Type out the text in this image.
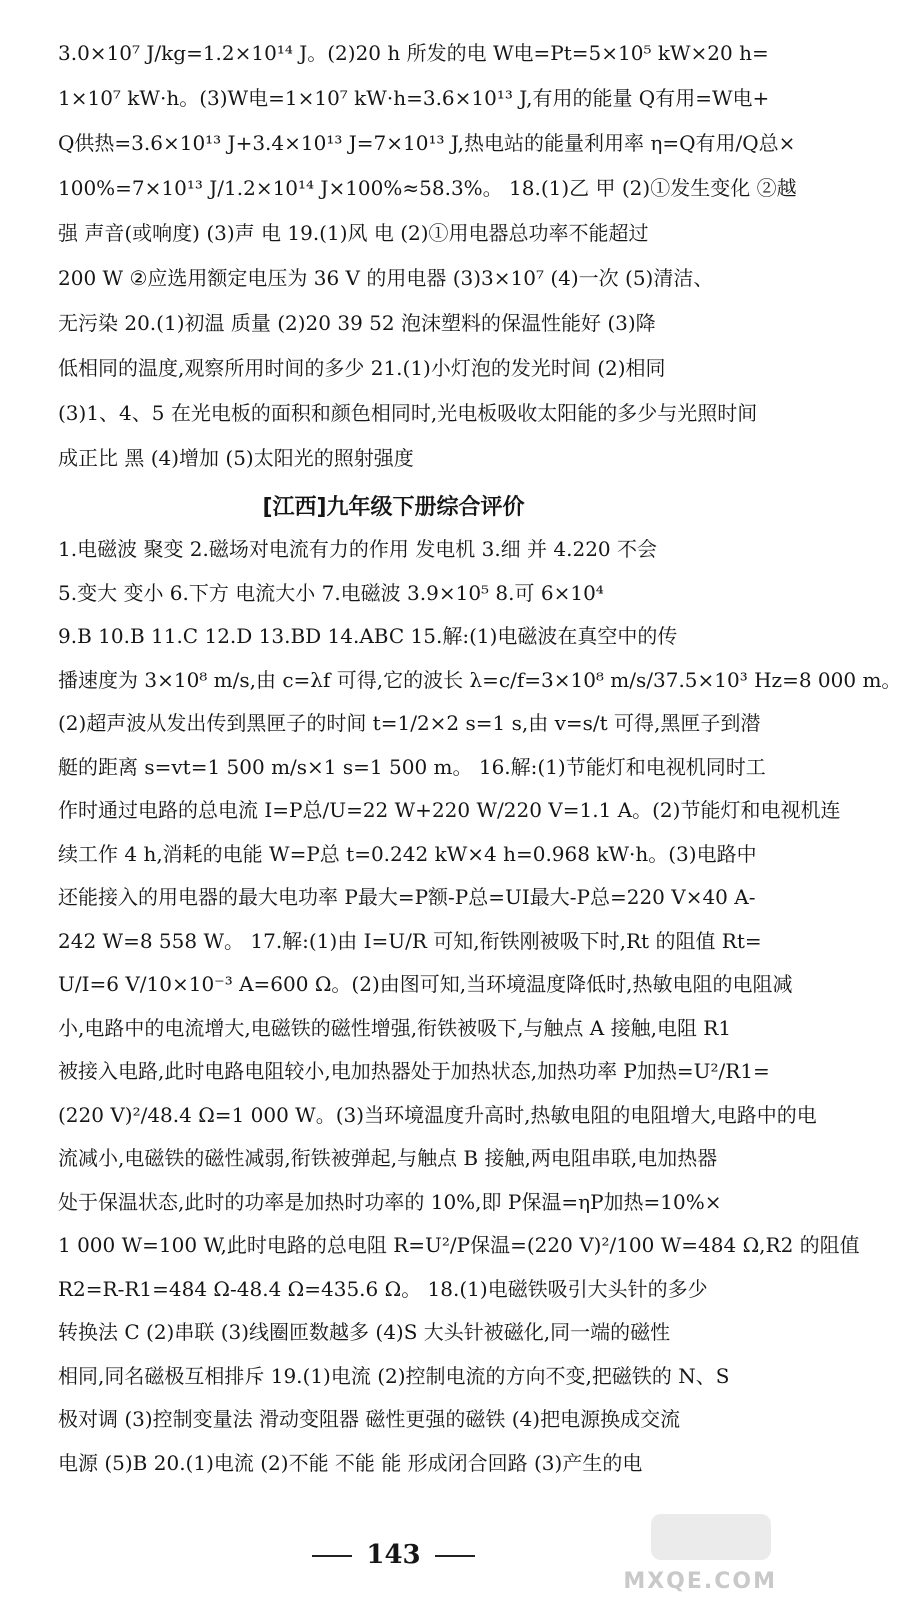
3.0×10⁷ J/kg=1.2×10¹⁴ J。(2)20 h 所发的电 W电=Pt=5×10⁵ kW×20 h=
1×10⁷ kW·h。(3)W电=1×10⁷ kW·h=3.6×10¹³ J,有用的能量 Q有用=W电+
Q供热=3.6×10¹³ J+3.4×10¹³ J=7×10¹³ J,热电站的能量利用率 η=Q有用/Q总×
100%=7×10¹³ J/1.2×10¹⁴ J×100%≈58.3%。 18.(1)乙 甲 (2)①发生变化 ②越
强 声音(或响度) (3)声 电 19.(1)风 电 (2)①用电器总功率不能超过
200 W ②应选用额定电压为 36 V 的用电器 (3)3×10⁷ (4)一次 (5)清洁、
无污染 20.(1)初温 质量 (2)20 39 52 泡沫塑料的保温性能好 (3)降
低相同的温度,观察所用时间的多少 21.(1)小灯泡的发光时间 (2)相同
(3)1、4、5 在光电板的面积和颜色相同时,光电板吸收太阳能的多少与光照时间
成正比 黑 (4)增加 (5)太阳光的照射强度
[江西]九年级下册综合评价
1.电磁波 聚变 2.磁场对电流有力的作用 发电机 3.细 并 4.220 不会
5.变大 变小 6.下方 电流大小 7.电磁波 3.9×10⁵ 8.可 6×10⁴
9.B 10.B 11.C 12.D 13.BD 14.ABC 15.解:(1)电磁波在真空中的传
播速度为 3×10⁸ m/s,由 c=λf 可得,它的波长 λ=c/f=3×10⁸ m/s/37.5×10³ Hz=8 000 m。
(2)超声波从发出传到黑匣子的时间 t=1/2×2 s=1 s,由 v=s/t 可得,黑匣子到潜
艇的距离 s=vt=1 500 m/s×1 s=1 500 m。 16.解:(1)节能灯和电视机同时工
作时通过电路的总电流 I=P总/U=22 W+220 W/220 V=1.1 A。(2)节能灯和电视机连
续工作 4 h,消耗的电能 W=P总 t=0.242 kW×4 h=0.968 kW·h。(3)电路中
还能接入的用电器的最大电功率 P最大=P额-P总=UI最大-P总=220 V×40 A-
242 W=8 558 W。 17.解:(1)由 I=U/R 可知,衔铁刚被吸下时,Rt 的阻值 Rt=
U/I=6 V/10×10⁻³ A=600 Ω。(2)由图可知,当环境温度降低时,热敏电阻的电阻减
小,电路中的电流增大,电磁铁的磁性增强,衔铁被吸下,与触点 A 接触,电阻 R1
被接入电路,此时电路电阻较小,电加热器处于加热状态,加热功率 P加热=U²/R1=
(220 V)²/48.4 Ω=1 000 W。(3)当环境温度升高时,热敏电阻的电阻增大,电路中的电
流减小,电磁铁的磁性减弱,衔铁被弹起,与触点 B 接触,两电阻串联,电加热器
处于保温状态,此时的功率是加热时功率的 10%,即 P保温=ηP加热=10%×
1 000 W=100 W,此时电路的总电阻 R=U²/P保温=(220 V)²/100 W=484 Ω,R2 的阻值
R2=R-R1=484 Ω-48.4 Ω=435.6 Ω。 18.(1)电磁铁吸引大头针的多少
转换法 C (2)串联 (3)线圈匝数越多 (4)S 大头针被磁化,同一端的磁性
相同,同名磁极互相排斥 19.(1)电流 (2)控制电流的方向不变,把磁铁的 N、S
极对调 (3)控制变量法 滑动变阻器 磁性更强的磁铁 (4)把电源换成交流
电源 (5)B 20.(1)电流 (2)不能 不能 能 形成闭合回路 (3)产生的电
143
MXQE.COM
